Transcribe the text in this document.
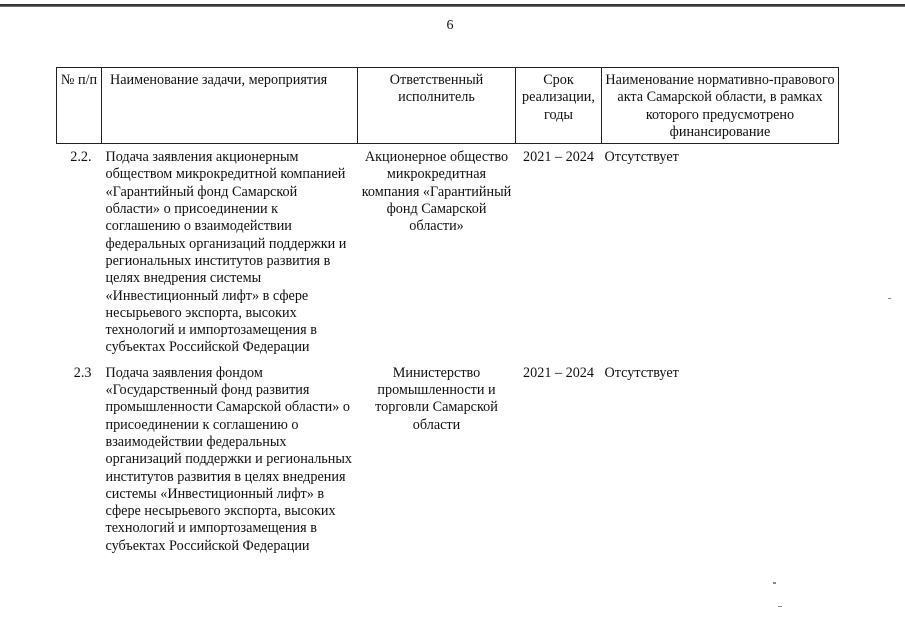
6
№ п/п	Наименование задачи, мероприятия	Ответственный исполнитель	Срок реализации, годы	Наименование нормативно-правового акта Самарской области, в рамках которого предусмотрено финансирование
2.2.	Подача заявления акционерным обществом микрокредитной компанией «Гарантийный фонд Самарской области» о присоединении к соглашению о взаимодействии федеральных организаций поддержки и региональных институтов развития в целях внедрения системы «Инвестиционный лифт» в сфере несырьевого экспорта, высоких технологий и импортозамещения в субъектах Российской Федерации	Акционерное общество микрокредитная компания «Гарантийный фонд Самарской области»	2021 – 2024	Отсутствует
2.3	Подача заявления фондом «Государственный фонд развития промышленности Самарской области» о присоединении к соглашению о взаимодействии федеральных организаций поддержки и региональных институтов развития в целях внедрения системы «Инвестиционный лифт» в сфере несырьевого экспорта, высоких технологий и импортозамещения в субъектах Российской Федерации	Министерство промышленности и торговли Самарской области	2021 – 2024	Отсутствует
